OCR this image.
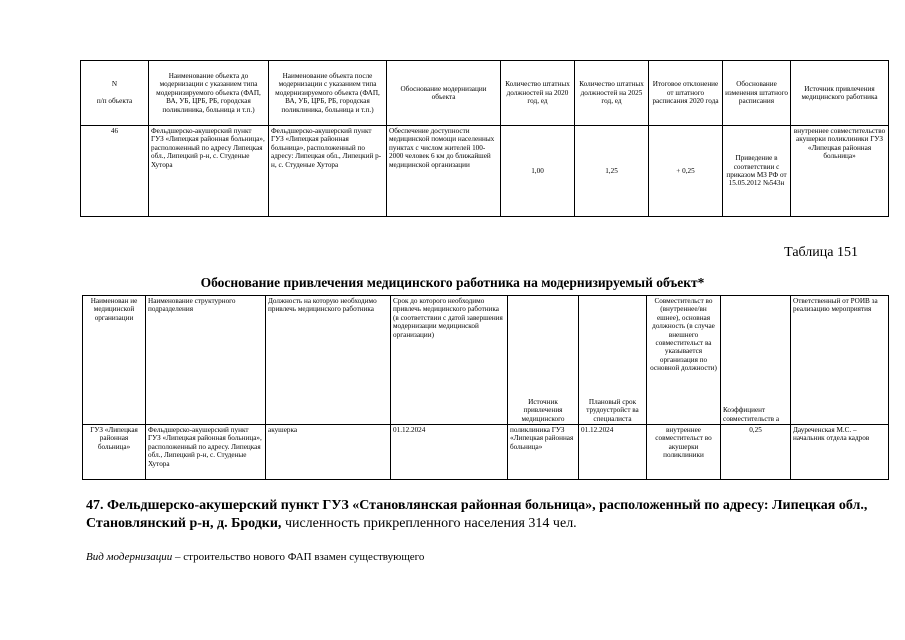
N

п/п объекта	Наименование объекта до модернизации с указанием типа модернизируемого объекта (ФАП, ВА, УБ, ЦРБ, РБ, городская поликлиника, больница и т.п.)	Наименование объекта после модернизации с указанием типа модернизируемого объекта (ФАП, ВА, УБ, ЦРБ, РБ, городская поликлиника, больница и т.п.)	Обоснование модернизации объекта	Количество штатных должностей на 2020 год, ед	Количество штатных должностей на 2025 год, ед	Итоговое отклонение от штатного расписания 2020 года	Обоснование изменения штатного расписания	Источник привлечения медицинского работника
46	Фельдшерско-акушерский пункт ГУЗ «Липецкая районная больница», расположенный по адресу Липецкая обл., Липецкий р-н, с. Студеные Хутора	Фельдшерско-акушерский пункт ГУЗ «Липецкая районная больница», расположенный по адресу: Липецкая обл., Липецкий р-н, с. Студеные Хутора	Обеспечение доступности медицинской помощи населенных пунктах с числом жителей 100-2000 человек 6 км до ближайшей медицинской организации	1,00	1,25	+ 0,25	Приведение в соответствии с приказом МЗ РФ от 15.05.2012 №543н	внутреннее совместительство акушерки поликлиники ГУЗ «Липецкая районная больница»
Таблица 151
Обоснование привлечения медицинского работника на модернизируемый объект*
Наименован ие медицинской организации	Наименование структурного подразделения	Должность на которую необходимо привлечь медицинского работника	Срок до которого необходимо привлечь медицинского работника (в соответствии с датой завершения модернизации медицинской организации)	Источник привлечения медицинского	Плановый срок трудоустройст ва специалиста	Совместительст во (внутреннее/вн ешнее), основная должность (в случае внешнего совместительст ва указывается организация по основной должности)	Коэффициент совместительств а	Ответственный от РОИВ за реализацию мероприятия
ГУЗ «Липецкая районная больница»	Фельдшерско-акушерский пункт ГУЗ «Липецкая районная больница», расположенный по адресу. Липецкая обл., Липецкий р-н, с. Студеные Хутора	акушерка	01.12.2024	поликлиника ГУЗ «Липецкая районная больница»	01.12.2024	внутреннее совместительст во акушерки поликлиники	0,25	Дауреченская М.С. – начальник отдела кадров
47. Фельдшерско-акушерский пункт ГУЗ «Становлянская районная больница», расположенный по адресу: Липецкая обл., Становлянский р-н, д. Бродки, численность прикрепленного населения 314 чел.
Вид модернизации – строительство нового ФАП взамен существующего
